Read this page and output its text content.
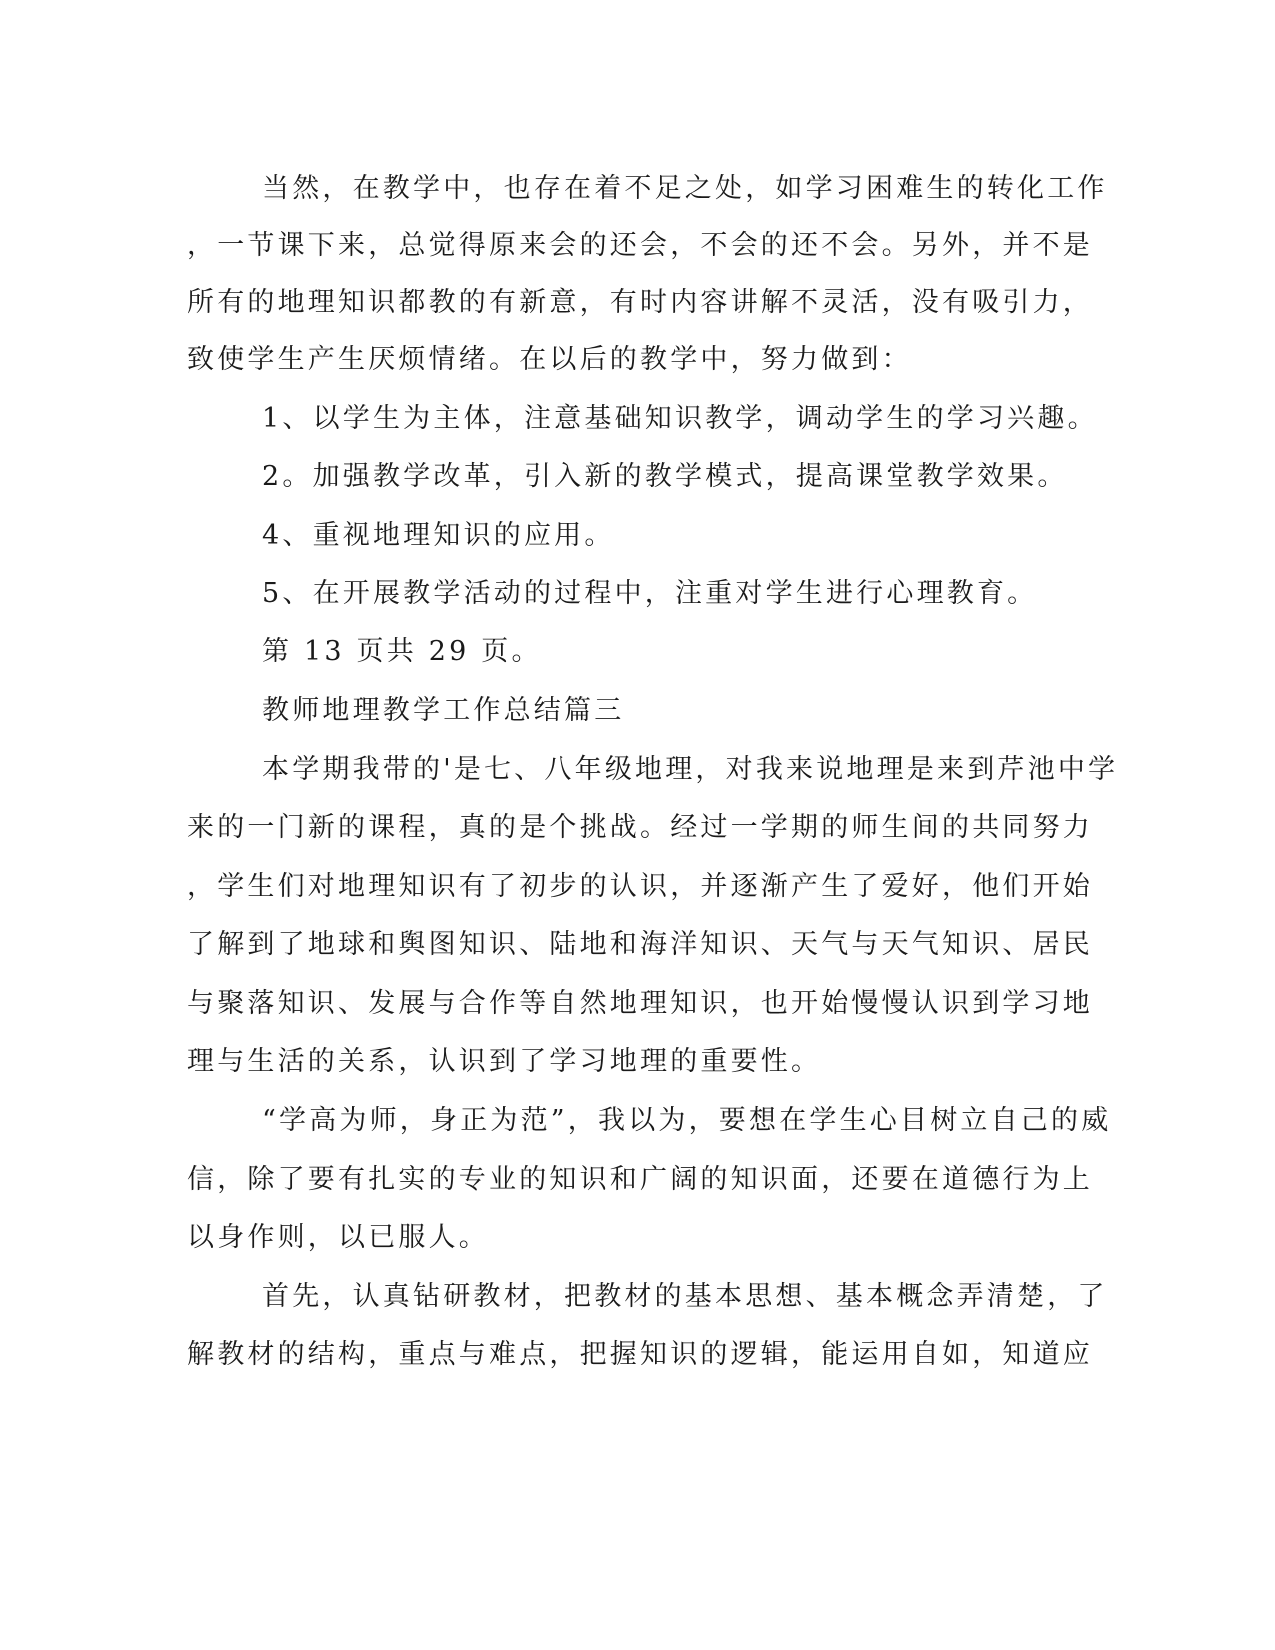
当然，在教学中，也存在着不足之处，如学习困难生的转化工作
，一节课下来，总觉得原来会的还会，不会的还不会。另外，并不是
所有的地理知识都教的有新意，有时内容讲解不灵活，没有吸引力，
致使学生产生厌烦情绪。在以后的教学中，努力做到：
1、以学生为主体，注意基础知识教学，调动学生的学习兴趣。
2。加强教学改革，引入新的教学模式，提高课堂教学效果。
4、重视地理知识的应用。
5、在开展教学活动的过程中，注重对学生进行心理教育。
第 13 页共 29 页。
教师地理教学工作总结篇三
本学期我带的'是七、八年级地理，对我来说地理是来到芹池中学
来的一门新的课程，真的是个挑战。经过一学期的师生间的共同努力
，学生们对地理知识有了初步的认识，并逐渐产生了爱好，他们开始
了解到了地球和舆图知识、陆地和海洋知识、天气与天气知识、居民
与聚落知识、发展与合作等自然地理知识，也开始慢慢认识到学习地
理与生活的关系，认识到了学习地理的重要性。
“学高为师，身正为范”，我以为，要想在学生心目树立自己的威
信，除了要有扎实的专业的知识和广阔的知识面，还要在道德行为上
以身作则，以已服人。
首先，认真钻研教材，把教材的基本思想、基本概念弄清楚，了
解教材的结构，重点与难点，把握知识的逻辑，能运用自如，知道应
